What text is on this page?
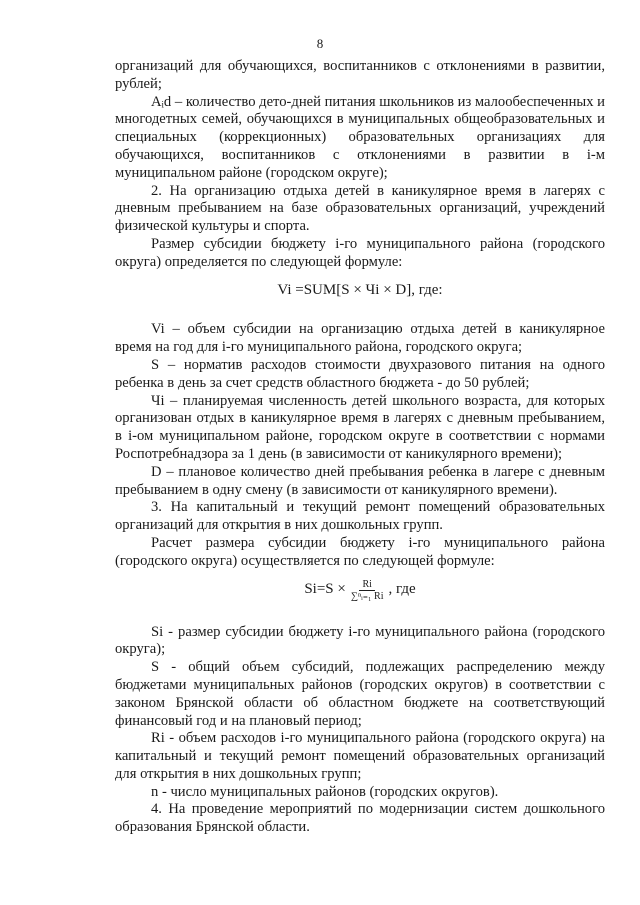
8

организаций для обучающихся, воспитанников с отклонениями в развитии, рублей;

Aᵢd – количество дето-дней питания школьников из малообеспеченных и многодетных семей, обучающихся в муниципальных общеобразовательных и специальных (коррекционных) образовательных организациях для обучающихся, воспитанников с отклонениями в развитии в i-м муниципальном районе (городском округе);

2. На организацию отдыха детей в каникулярное время в лагерях с дневным пребыванием на базе образовательных организаций, учреждений физической культуры и спорта.

Размер субсидии бюджету i-го муниципального района (городского округа) определяется по следующей формуле:

Vi =SUM[S × Чi × D], где:

Vi – объем субсидии на организацию отдыха детей в каникулярное время на год для i-го муниципального района, городского округа;

S – норматив расходов стоимости двухразового питания на одного ребенка в день за счет средств областного бюджета - до 50 рублей;

Чi – планируемая численность детей школьного возраста, для которых организован отдых в каникулярное время в лагерях с дневным пребыванием, в i-ом муниципальном районе, городском округе в соответствии с нормами Роспотребнадзора за 1 день (в зависимости от каникулярного времени);

D – плановое количество дней пребывания ребенка в лагере с дневным пребыванием в одну смену (в зависимости от каникулярного времени).

3. На капитальный и текущий ремонт помещений образовательных организаций для открытия в них дошкольных групп.

Расчет размера субсидии бюджету i-го муниципального района (городского округа) осуществляется по следующей формуле:

$Si=S \times \frac{Ri}{\text{∑ⁿᵢ₌₁ Ri}}$ , где

Si - размер субсидии бюджету i-го муниципального района (городского округа);

S - общий объем субсидий, подлежащих распределению между бюджетами муниципальных районов (городских округов) в соответствии с законом Брянской области об областном бюджете на соответствующий финансовый год и на плановый период;

Ri - объем расходов i-го муниципального района (городского округа) на капитальный и текущий ремонт помещений образовательных организаций для открытия в них дошкольных групп;

n - число муниципальных районов (городских округов).

4. На проведение мероприятий по модернизации систем дошкольного образования Брянской области.
